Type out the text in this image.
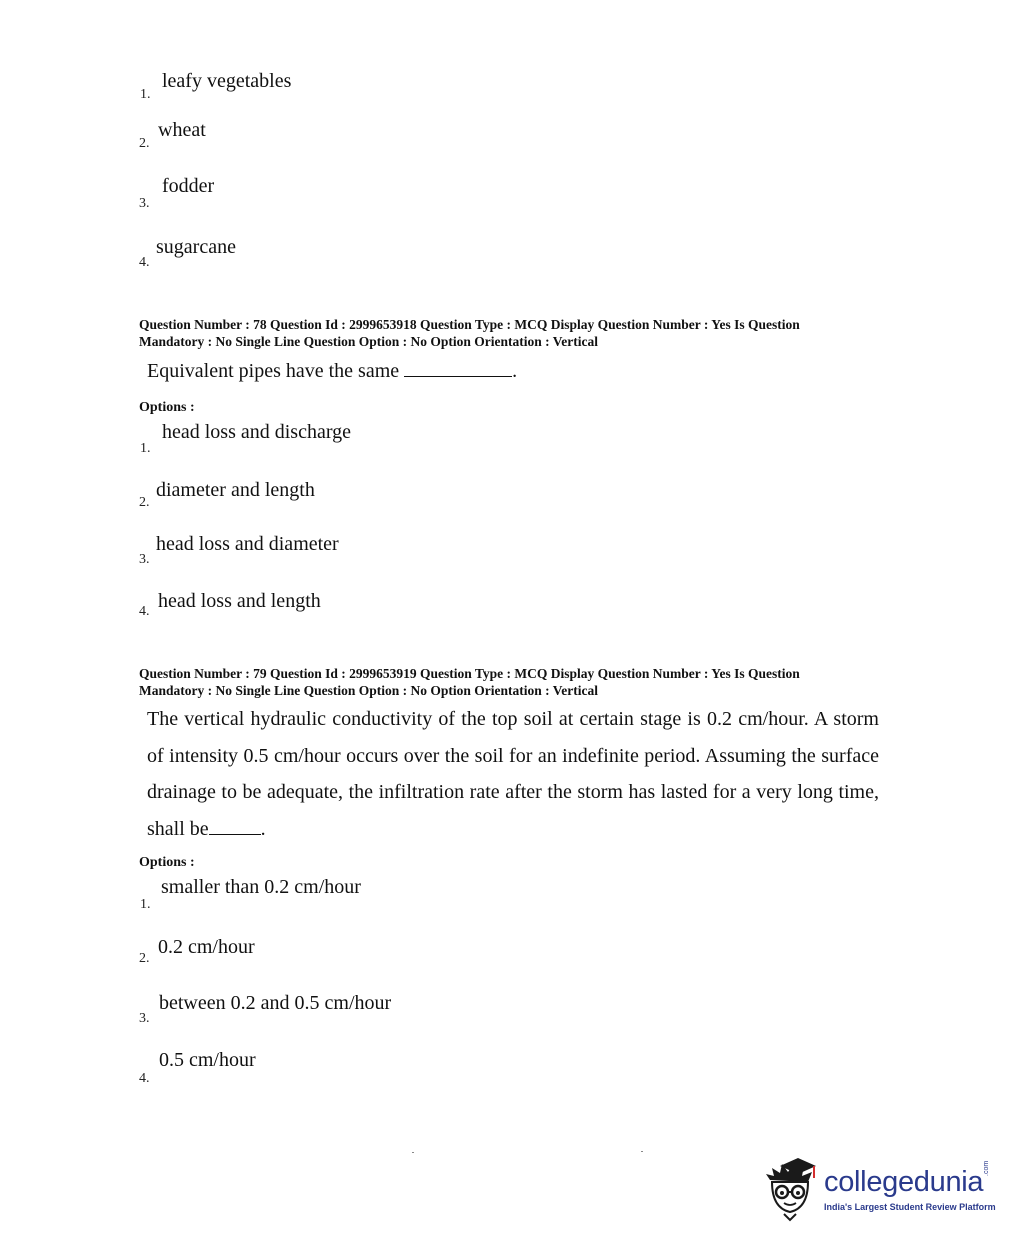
1.
leafy vegetables
2.
wheat
3.
fodder
4.
sugarcane
Question Number : 78 Question Id : 2999653918 Question Type : MCQ Display Question Number : Yes Is Question
Mandatory : No Single Line Question Option : No Option Orientation : Vertical
Equivalent pipes have the same	.
Options :
1.
head loss and discharge
2.
diameter and length
3.
head loss and diameter
4. head loss and length
Question Number : 79 Question Id : 2999653919 Question Type : MCQ Display Question Number : Yes Is Question
Mandatory : No Single Line Question Option : No Option Orientation : Vertical
The vertical hydraulic conductivity of the top soil at certain stage is 0.2 cm/hour. A storm of intensity 0.5 cm/hour occurs over the soil for an indefinite period. Assuming the surface drainage to be adequate, the infiltration rate after the storm has lasted for a very long time, shall be	.
Options :
1.
smaller than 0.2 cm/hour
2.
0.2 cm/hour
3.
between 0.2 and 0.5 cm/hour
4.
0.5 cm/hour
collegedunia .com
India's Largest Student Review Platform
